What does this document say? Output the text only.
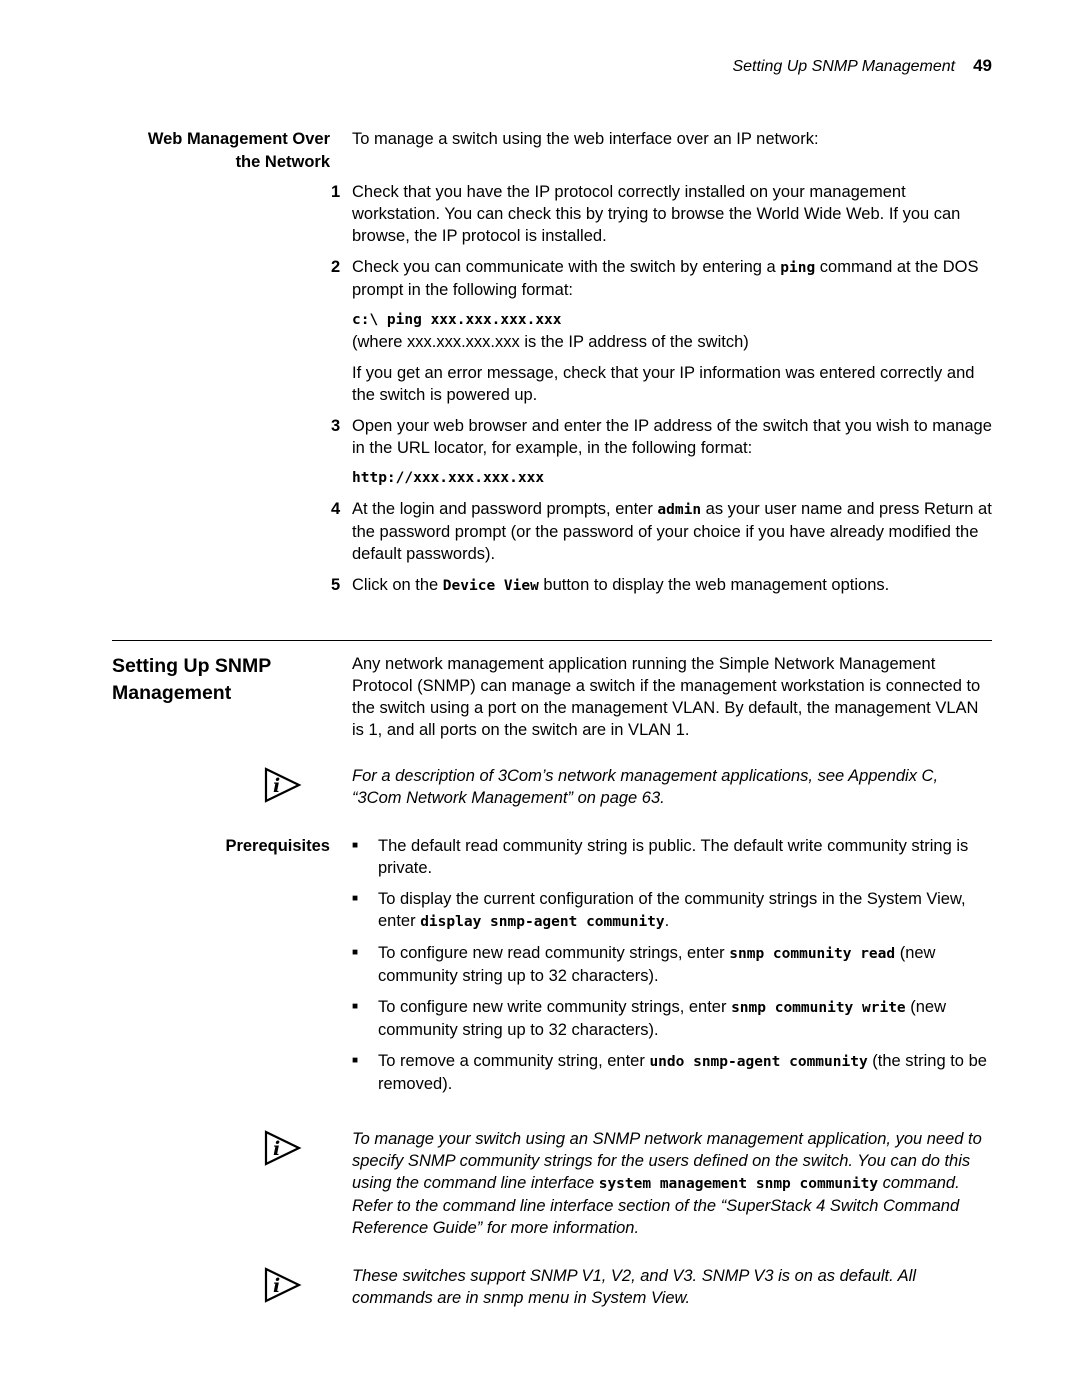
Setting Up SNMP Management 49
Web Management Over the Network

To manage a switch using the web interface over an IP network:

1 Check that you have the IP protocol correctly installed on your management workstation. You can check this by trying to browse the World Wide Web. If you can browse, the IP protocol is installed.

2 Check you can communicate with the switch by entering a ping command at the DOS prompt in the following format:

c:\ ping xxx.xxx.xxx.xxx

(where xxx.xxx.xxx.xxx is the IP address of the switch)

If you get an error message, check that your IP information was entered correctly and the switch is powered up.

3 Open your web browser and enter the IP address of the switch that you wish to manage in the URL locator, for example, in the following format:

http://xxx.xxx.xxx.xxx

4 At the login and password prompts, enter admin as your user name and press Return at the password prompt (or the password of your choice if you have already modified the default passwords).

5 Click on the Device View button to display the web management options.

Setting Up SNMP Management

Any network management application running the Simple Network Management Protocol (SNMP) can manage a switch if the management workstation is connected to the switch using a port on the management VLAN. By default, the management VLAN is 1, and all ports on the switch are in VLAN 1.

i	For a description of 3Com’s network management applications, see Appendix C, “3Com Network Management” on page 63.

Prerequisites ■	The default read community string is public. The default write community string is private.

■	To display the current configuration of the community strings in the System View, enter display snmp-agent community.

■	To configure new read community strings, enter snmp community read (new community string up to 32 characters).

■	To configure new write community strings, enter snmp community write (new community string up to 32 characters).

■	To remove a community string, enter undo snmp-agent community (the string to be removed).

i	To manage your switch using an SNMP network management application, you need to specify SNMP community strings for the users defined on the switch. You can do this using the command line interface system management snmp community command. Refer to the command line interface section of the “SuperStack 4 Switch Command Reference Guide” for more information.

i	These switches support SNMP V1, V2, and V3. SNMP V3 is on as default. All commands are in snmp menu in System View.
